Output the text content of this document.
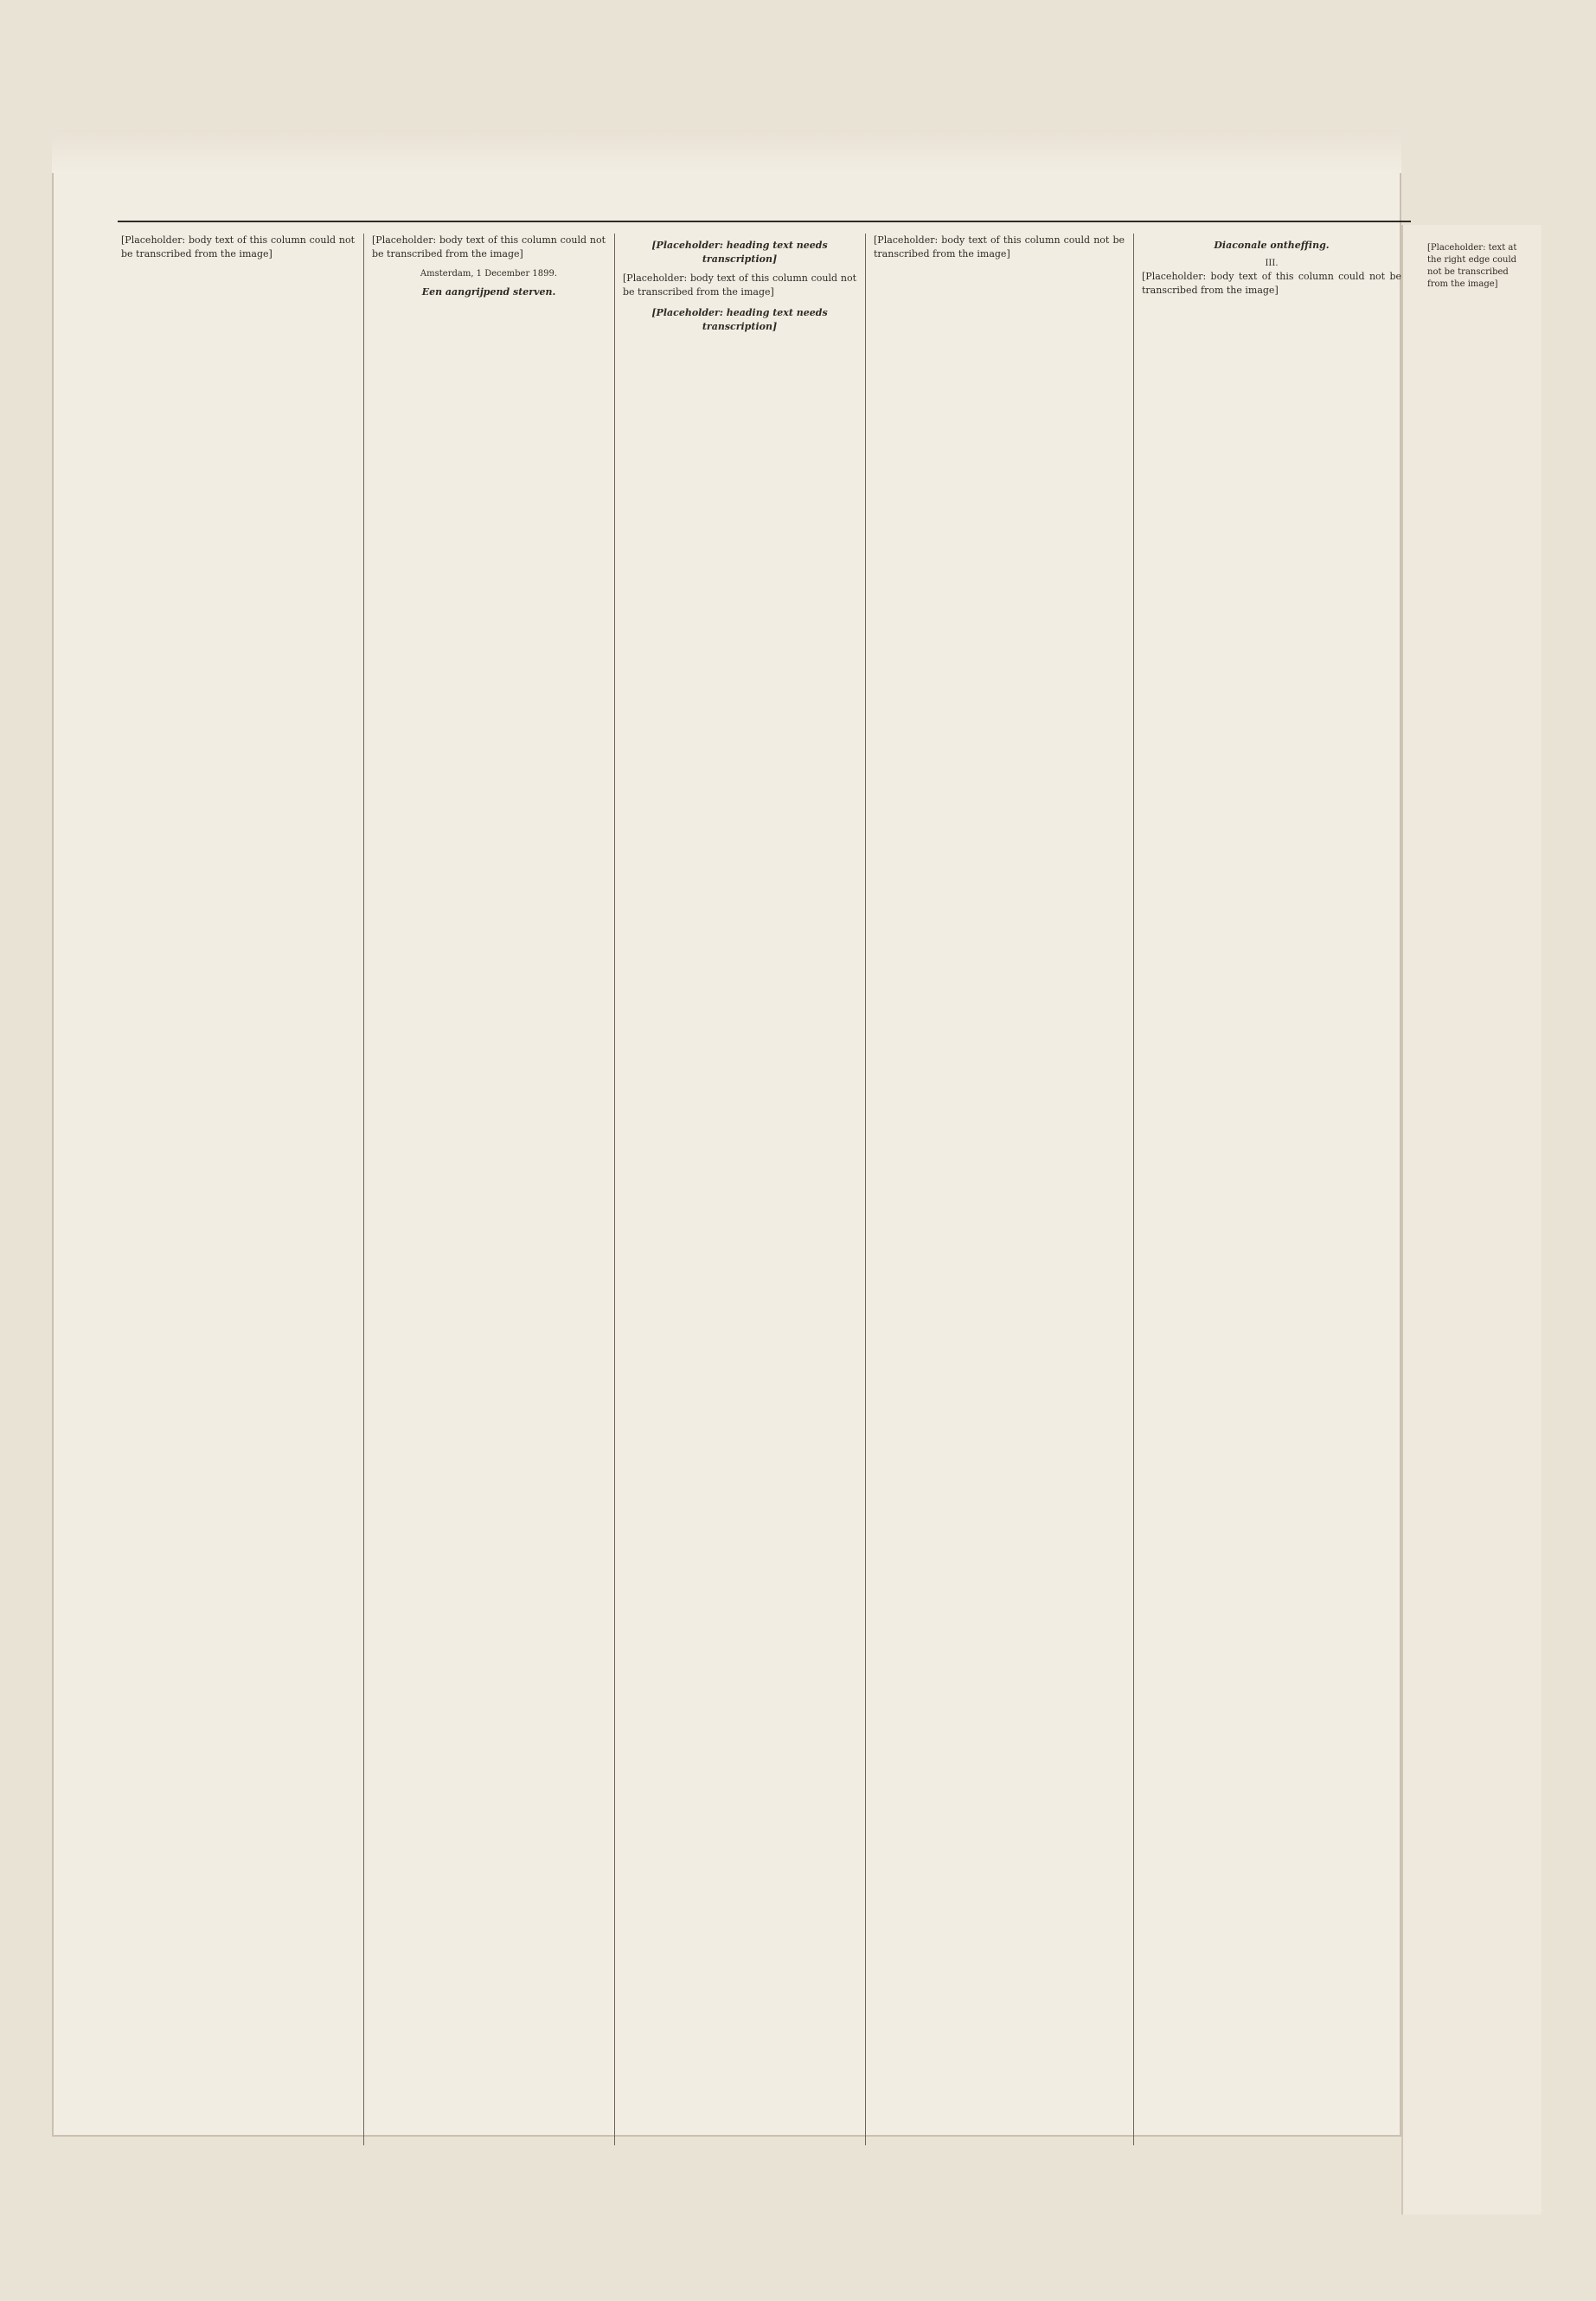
[Placeholder: body text of this column could not be transcribed from the image]

[Placeholder: body text of this column could not be transcribed from the image]

Amsterdam, 1 December 1899.
Een aangrijpend sterven.
[Placeholder: heading text needs transcription]

[Placeholder: body text of this column could not be transcribed from the image]

[Placeholder: heading text needs transcription]

[Placeholder: body text of this column could not be transcribed from the image]

Diaconale ontheffing.
III.

[Placeholder: body text of this column could not be transcribed from the image]

[Placeholder: text at the right edge could not be transcribed from the image]
